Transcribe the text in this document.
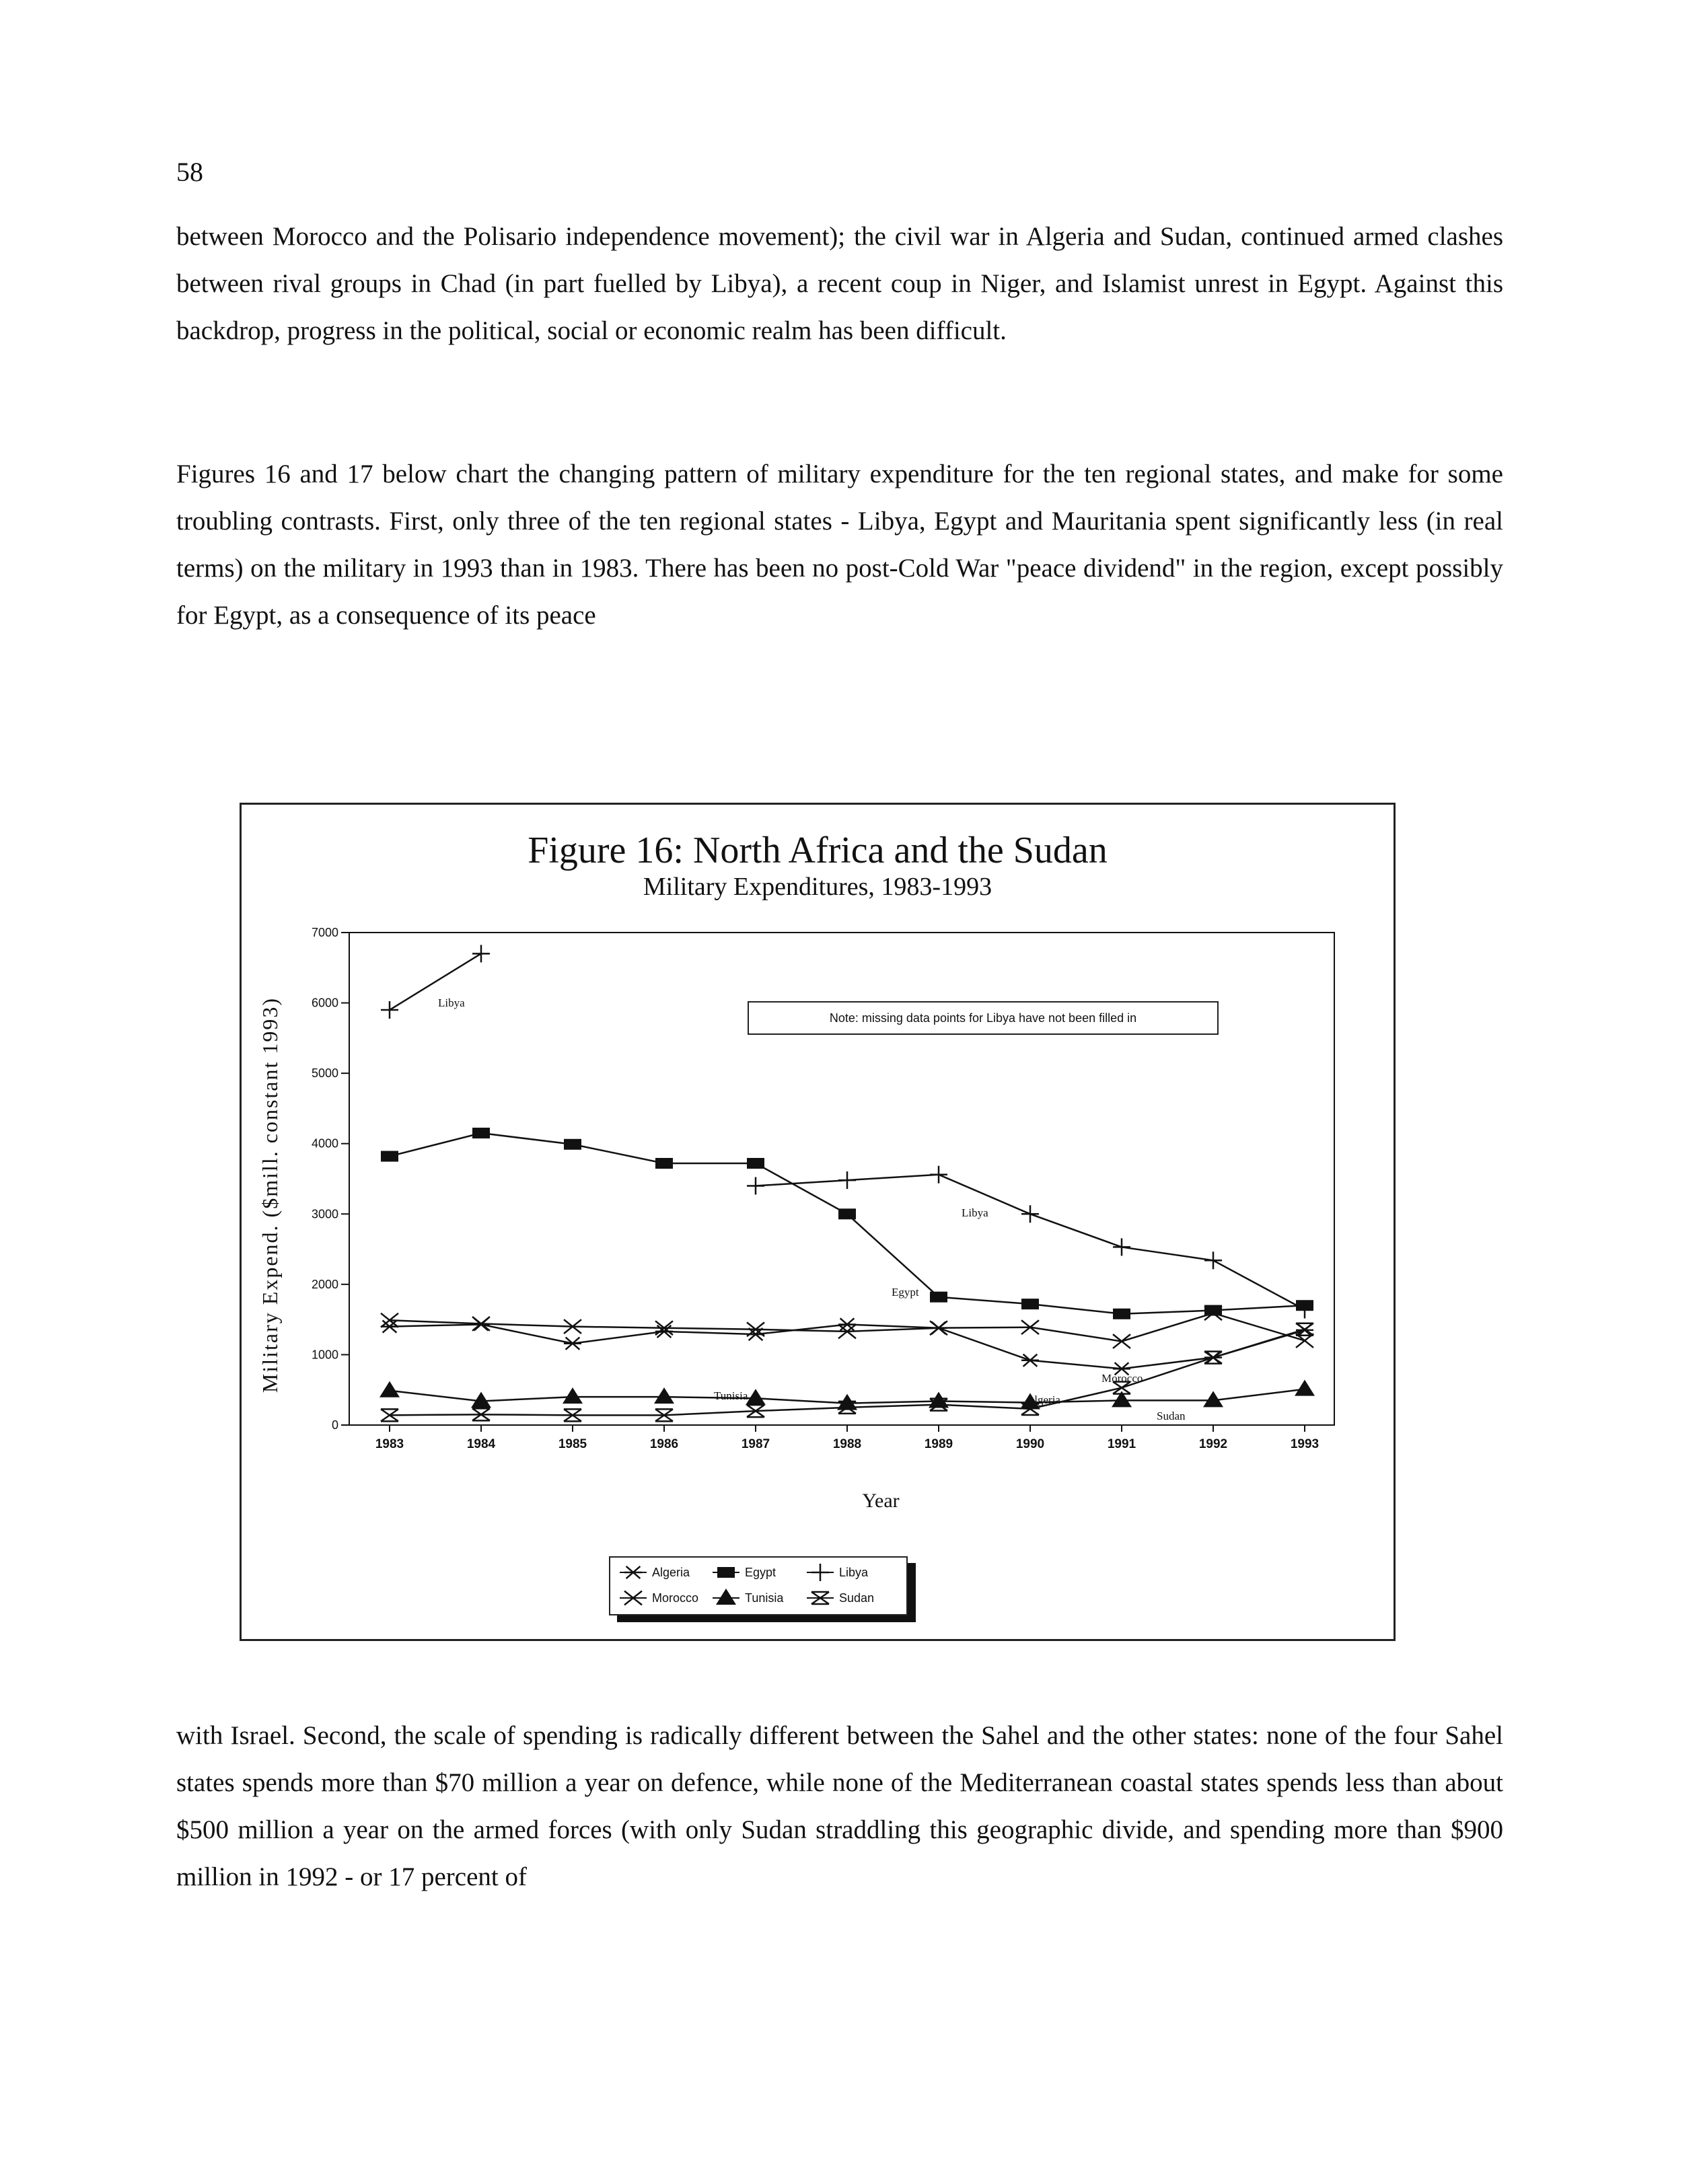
58

between Morocco and the Polisario independence movement); the civil war in Algeria and Sudan, continued armed clashes between rival groups in Chad (in part fuelled by Libya), a recent coup in Niger, and Islamist unrest in Egypt. Against this backdrop, progress in the political, social or economic realm has been difficult.

Figures 16 and 17 below chart the changing pattern of military expenditure for the ten regional states, and make for some troubling contrasts. First, only three of the ten regional states - Libya, Egypt and Mauritania spent significantly less (in real terms) on the military in 1993 than in 1983. There has been no post-Cold War "peace dividend" in the region, except possibly for Egypt, as a consequence of its peace

Figure 16: North Africa and the Sudan
Military Expenditures, 1983-1993
Military Expend. ($mill. constant 1993)
Year
0
1000
2000
3000
4000
5000
6000
7000
1983	1984	1985	1986	1987	1988	1989	1990	1991	1992	1993
Algeria
Egypt
Libya
Libya
Morocco
Tunisia
Sudan
Note: missing data points for Libya have not been filled in
Algeria	Egypt	Libya
Morocco	Tunisia	Sudan

with Israel. Second, the scale of spending is radically different between the Sahel and the other states: none of the four Sahel states spends more than $70 million a year on defence, while none of the Mediterranean coastal states spends less than about $500 million a year on the armed forces (with only Sudan straddling this geographic divide, and spending more than $900 million in 1992 - or 17 percent of
